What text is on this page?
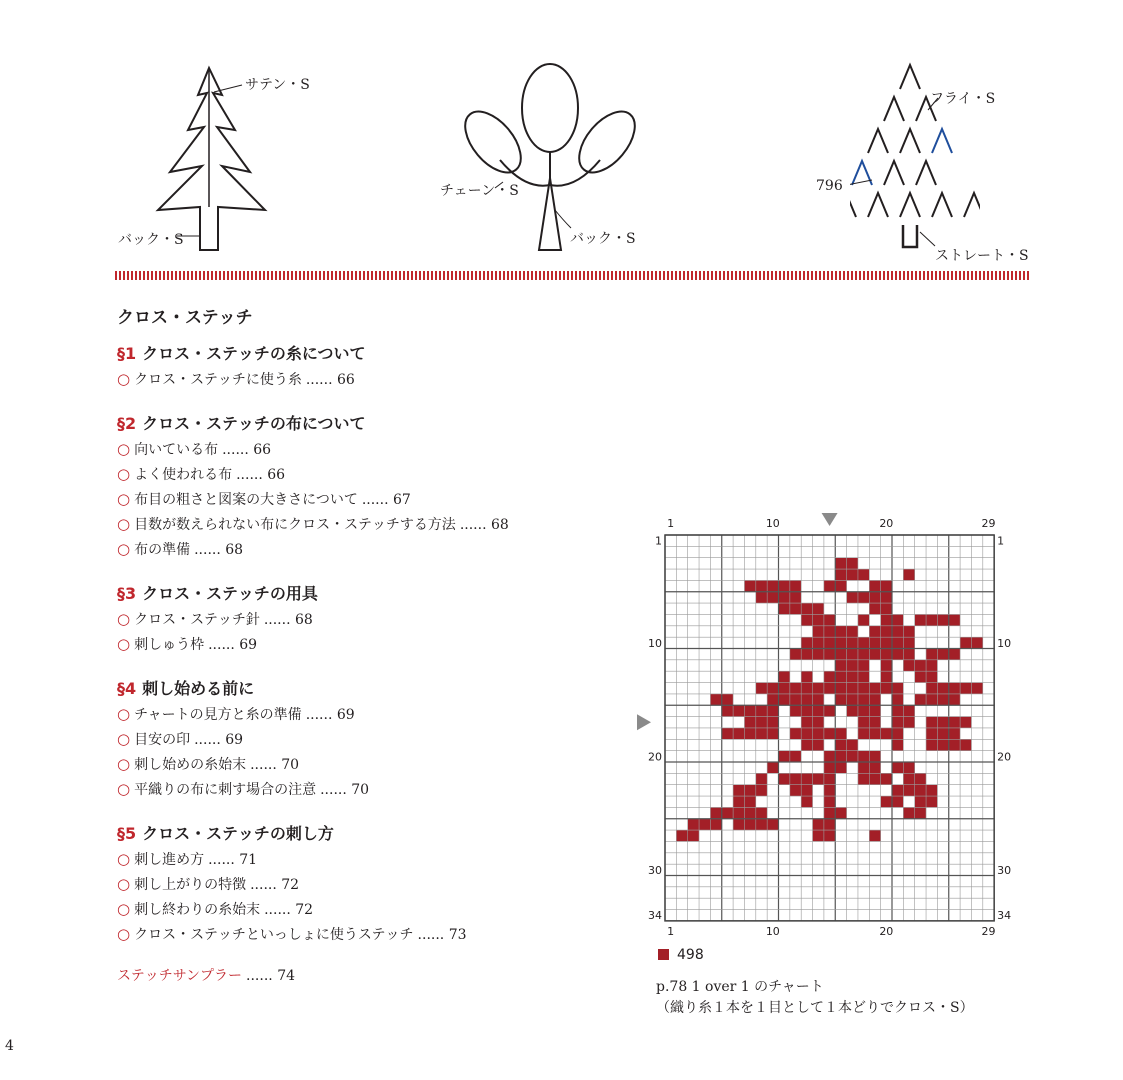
サテン・S
バック・S
チェーン・S
バック・S
フライ・S
796
ストレート・S
クロス・ステッチ
§1 クロス・ステッチの糸について
○ クロス・ステッチに使う糸 ...... 66
§2 クロス・ステッチの布について
○ 向いている布 ...... 66
○ よく使われる布 ...... 66
○ 布目の粗さと図案の大きさについて ...... 67
○ 目数が数えられない布にクロス・ステッチする方法 ...... 68
○ 布の準備 ...... 68
§3 クロス・ステッチの用具
○ クロス・ステッチ針 ...... 68
○ 刺しゅう枠 ...... 69
§4 刺し始める前に
○ チャートの見方と糸の準備 ...... 69
○ 目安の印 ...... 69
○ 刺し始めの糸始末 ...... 70
○ 平織りの布に刺す場合の注意 ...... 70
§5 クロス・ステッチの刺し方
○ 刺し進め方 ...... 71
○ 刺し上がりの特徴 ...... 72
○ 刺し終わりの糸始末 ...... 72
○ クロス・ステッチといっしょに使うステッチ ...... 73
ステッチサンプラー ...... 74
1
1
10
10
20
20
29
29
1	1
10	10
20	20
30	30
34	34
498
p.78 1 over 1 のチャート
（織り糸１本を１目として１本どりでクロス・S）
4
